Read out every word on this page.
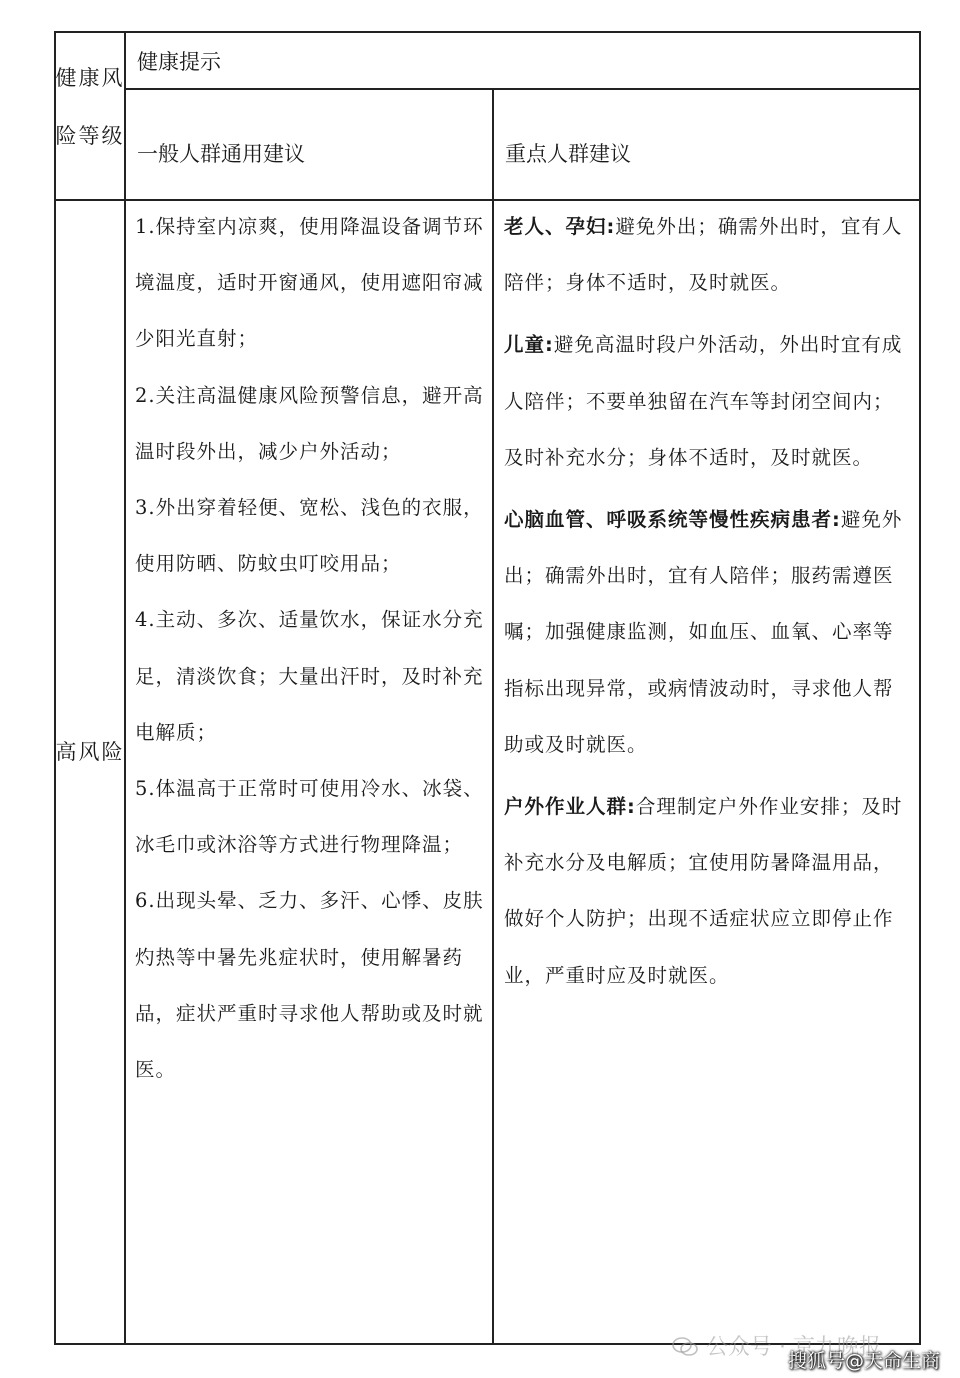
健康风险等级
健康提示
一般人群通用建议	重点人群建议
高风险

1.保持室内凉爽，使用降温设备调节环境温度，适时开窗通风，使用遮阳帘减少阳光直射；

2.关注高温健康风险预警信息，避开高温时段外出，减少户外活动；

3.外出穿着轻便、宽松、浅色的衣服，使用防晒、防蚊虫叮咬用品；

4.主动、多次、适量饮水，保证水分充足，清淡饮食；大量出汗时，及时补充电解质；

5.体温高于正常时可使用冷水、冰袋、冰毛巾或沐浴等方式进行物理降温；

6.出现头晕、乏力、多汗、心悸、皮肤灼热等中暑先兆症状时，使用解暑药品，症状严重时寻求他人帮助或及时就医。

老人、孕妇:避免外出；确需外出时，宜有人陪伴；身体不适时，及时就医。

儿童:避免高温时段户外活动，外出时宜有成人陪伴；不要单独留在汽车等封闭空间内；及时补充水分；身体不适时，及时就医。

心脑血管、呼吸系统等慢性疾病患者:避免外出；确需外出时，宜有人陪伴；服药需遵医嘱；加强健康监测，如血压、血氧、心率等指标出现异常，或病情波动时，寻求他人帮助或及时就医。

户外作业人群:合理制定户外作业安排；及时补充水分及电解质；宜使用防暑降温用品，做好个人防护；出现不适症状应立即停止作业，严重时应及时就医。

公众号 · 京九晚报
搜狐号@天命生商
